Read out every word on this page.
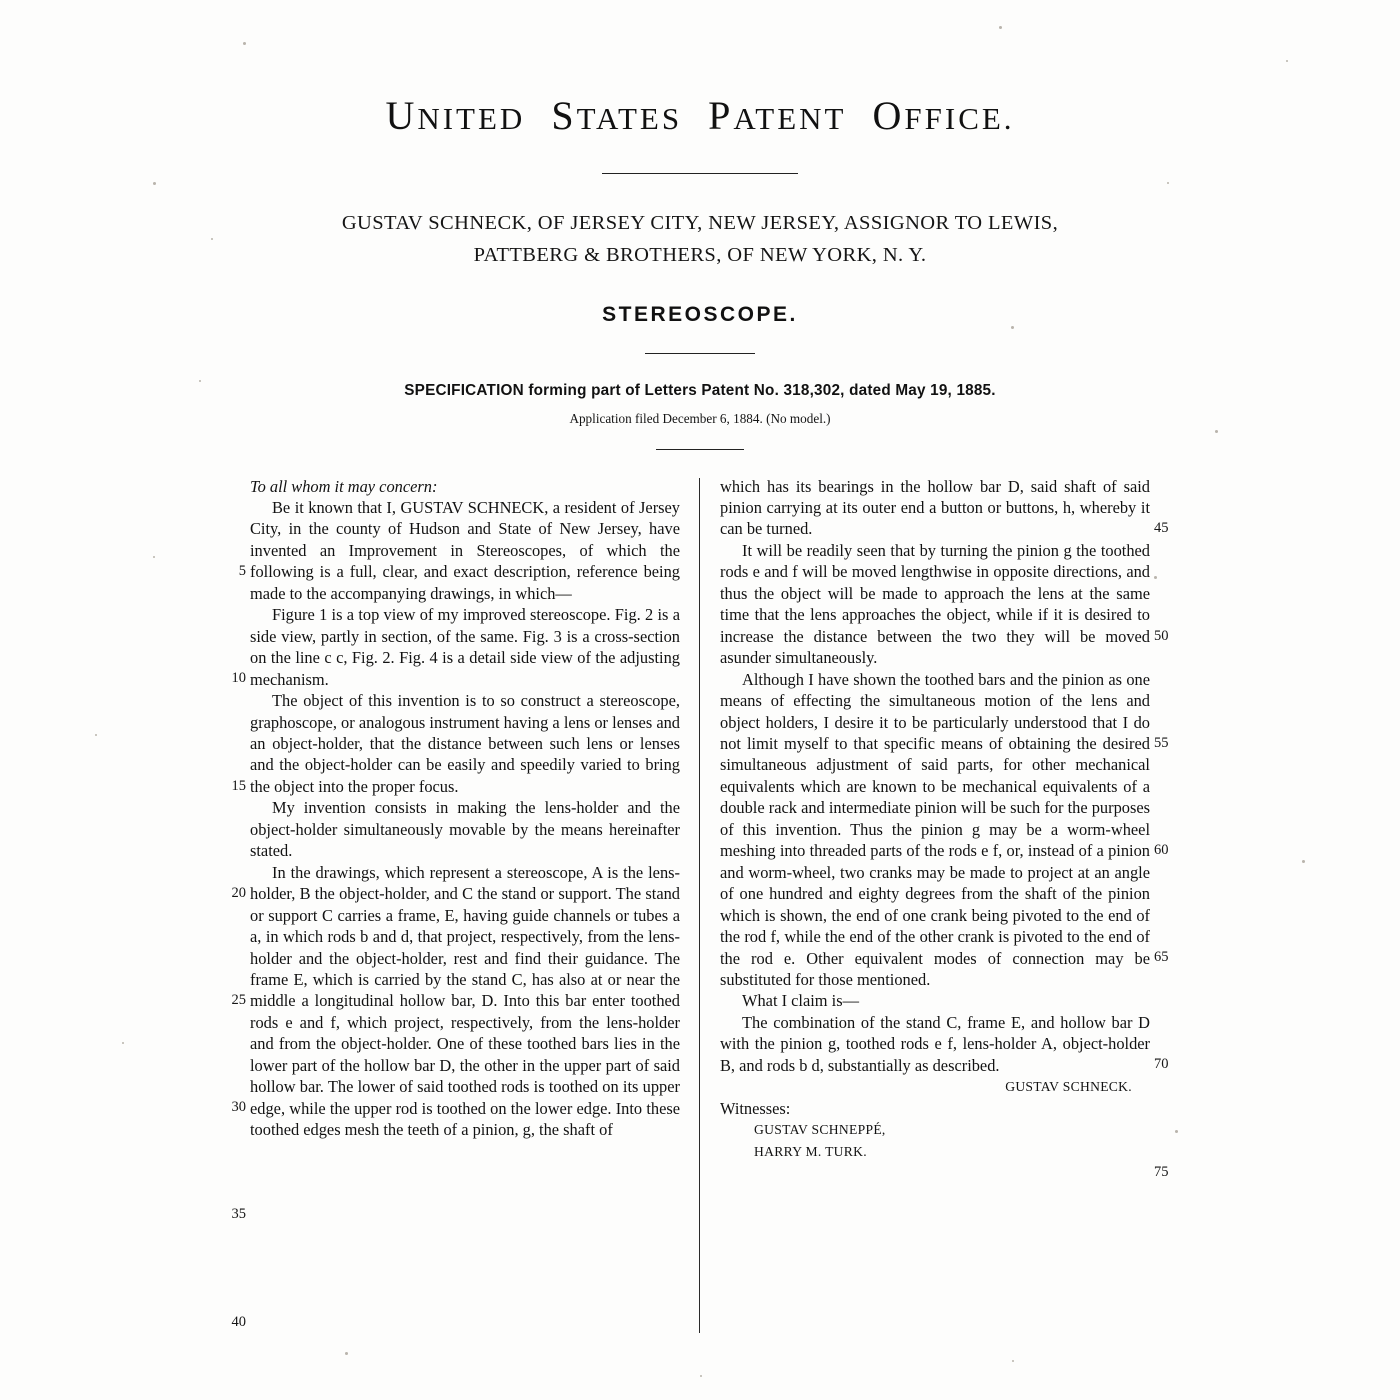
UNITED STATES PATENT OFFICE.
GUSTAV SCHNECK, OF JERSEY CITY, NEW JERSEY, ASSIGNOR TO LEWIS,
PATTBERG & BROTHERS, OF NEW YORK, N. Y.
STEREOSCOPE.
SPECIFICATION forming part of Letters Patent No. 318,302, dated May 19, 1885.
Application filed December 6, 1884. (No model.)
5
10
15
20
25
30
35
40

To all whom it may concern:

Be it known that I, GUSTAV SCHNECK, a resident of Jersey City, in the county of Hudson and State of New Jersey, have invented an Improvement in Stereoscopes, of which the following is a full, clear, and exact description, reference being made to the accompanying drawings, in which—

Figure 1 is a top view of my improved stereoscope. Fig. 2 is a side view, partly in section, of the same. Fig. 3 is a cross-section on the line c c, Fig. 2. Fig. 4 is a detail side view of the adjusting mechanism.

The object of this invention is to so construct a stereoscope, graphoscope, or analogous instrument having a lens or lenses and an object-holder, that the distance between such lens or lenses and the object-holder can be easily and speedily varied to bring the object into the proper focus.

My invention consists in making the lens-holder and the object-holder simultaneously movable by the means hereinafter stated.

In the drawings, which represent a stereoscope, A is the lens-holder, B the object-holder, and C the stand or support. The stand or support C carries a frame, E, having guide channels or tubes a a, in which rods b and d, that project, respectively, from the lens-holder and the object-holder, rest and find their guidance. The frame E, which is carried by the stand C, has also at or near the middle a longitudinal hollow bar, D. Into this bar enter toothed rods e and f, which project, respectively, from the lens-holder and from the object-holder. One of these toothed bars lies in the lower part of the hollow bar D, the other in the upper part of said hollow bar. The lower of said toothed rods is toothed on its upper edge, while the upper rod is toothed on the lower edge. Into these toothed edges mesh the teeth of a pinion, g, the shaft of

45
50
55
60
65
70
75

which has its bearings in the hollow bar D, said shaft of said pinion carrying at its outer end a button or buttons, h, whereby it can be turned.

It will be readily seen that by turning the pinion g the toothed rods e and f will be moved lengthwise in opposite directions, and thus the object will be made to approach the lens at the same time that the lens approaches the object, while if it is desired to increase the distance between the two they will be moved asunder simultaneously.

Although I have shown the toothed bars and the pinion as one means of effecting the simultaneous motion of the lens and object holders, I desire it to be particularly understood that I do not limit myself to that specific means of obtaining the desired simultaneous adjustment of said parts, for other mechanical equivalents which are known to be mechanical equivalents of a double rack and intermediate pinion will be such for the purposes of this invention. Thus the pinion g may be a worm-wheel meshing into threaded parts of the rods e f, or, instead of a pinion and worm-wheel, two cranks may be made to project at an angle of one hundred and eighty degrees from the shaft of the pinion which is shown, the end of one crank being pivoted to the end of the rod f, while the end of the other crank is pivoted to the end of the rod e. Other equivalent modes of connection may be substituted for those mentioned.

What I claim is—

The combination of the stand C, frame E, and hollow bar D with the pinion g, toothed rods e f, lens-holder A, object-holder B, and rods b d, substantially as described.

GUSTAV SCHNECK.

Witnesses:

GUSTAV SCHNEPPÉ,

HARRY M. TURK.
